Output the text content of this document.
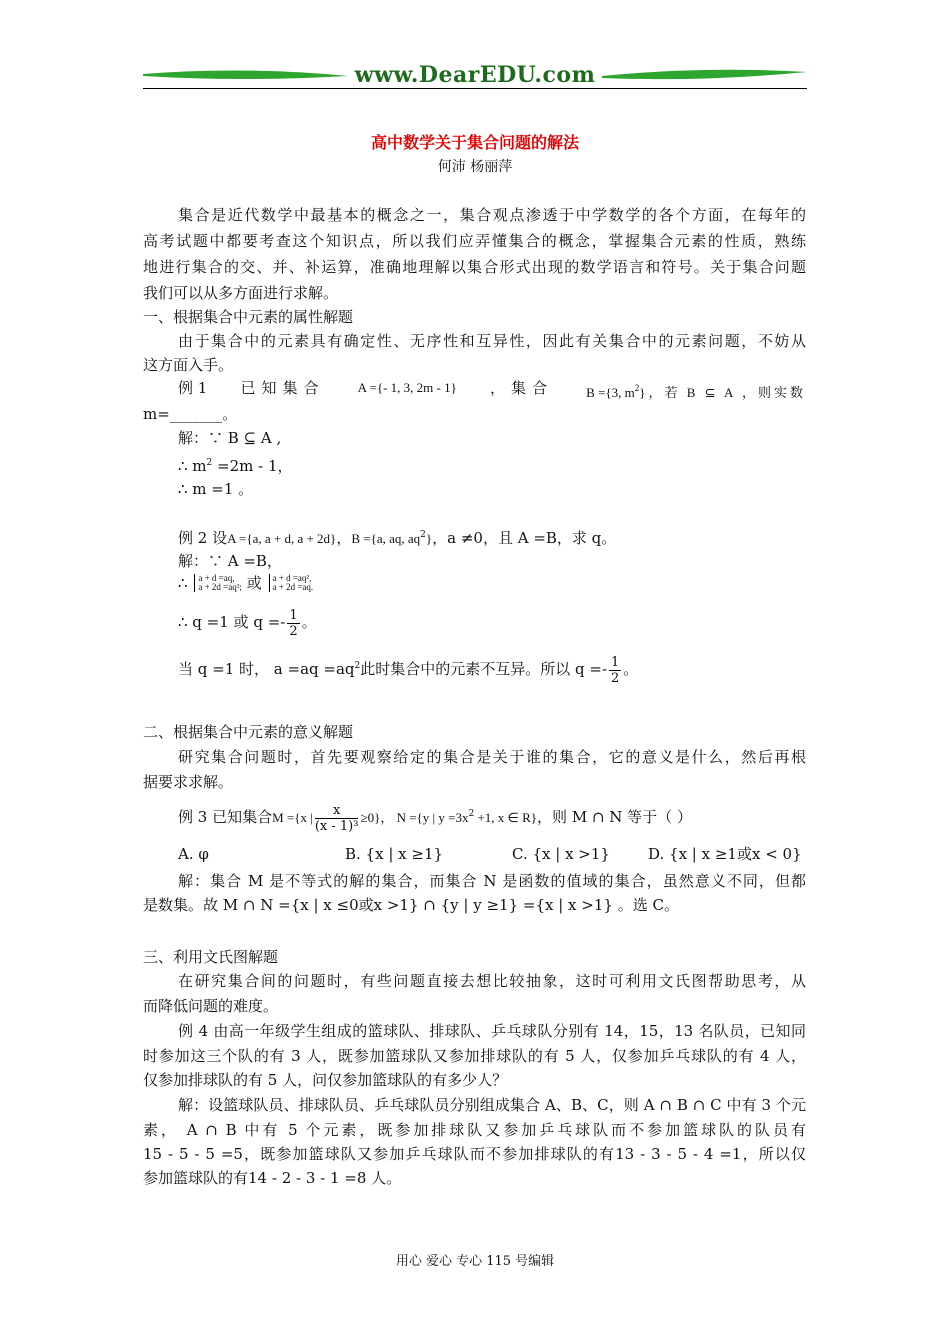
www.DearEDU.com
高中数学关于集合问题的解法
何沛 杨丽萍
集合是近代数学中最基本的概念之一，集合观点渗透于中学数学的各个方面，在每年的
高考试题中都要考查这个知识点，所以我们应弄懂集合的概念，掌握集合元素的性质，熟练
地进行集合的交、并、补运算，准确地理解以集合形式出现的数学语言和符号。关于集合问题
我们可以从多方面进行求解。
一、根据集合中元素的属性解题
由于集合中的元素具有确定性、无序性和互异性，因此有关集合中的元素问题，不妨从
这方面入手。
例 1 已知集合	A ={- 1, 3, 2m - 1} ，集合	B ={3, $m^2$}，若 B ⊆ A ，则实数
m=_______。
解：∵ B ⊆ A ,
∴ $m^2 =2m - 1$，
∴ m =1 。
例 2 设A ={a, a + d, a + 2d}，B ={a, aq, $aq^2$}，a ≠0，且 A =B，求 q。
解：∵ A =B，
∴ a + d =aq,
a + 2d =aq²; 或 a + d =aq²,
a + 2d =aq.
∴ q =1 或 $q =- \frac{1}{2}$ 。
当 q =1 时， $a =aq =aq^2$此时集合中的元素不互异。所以 $q =- \frac{1}{2}$ 。
二、根据集合中元素的意义解题
研究集合问题时，首先要观察给定的集合是关于谁的集合，它的意义是什么，然后再根
据要求求解。
例 3 已知集合M ={x | $\frac{x}{\text{(x - 1)³}} \ge 0$}， N ={y | $y =3x^2 +1$, x ∈ R}，则 M ∩ N 等于（ ）
A. φ	B. {x | x ≥1}	C. {x | x >1}	D. {x | x ≥1或x < 0}
解：集合 M 是不等式的解的集合，而集合 N 是函数的值域的集合，虽然意义不同，但都
是数集。故 M ∩ N ={x | x ≤0或x >1} ∩ {y | y ≥1} ={x | x >1} 。选 C。
三、利用文氏图解题
在研究集合间的问题时，有些问题直接去想比较抽象，这时可利用文氏图帮助思考，从
而降低问题的难度。
例 4 由高一年级学生组成的篮球队、排球队、乒乓球队分别有 14，15，13 名队员，已知同
时参加这三个队的有 3 人，既参加篮球队又参加排球队的有 5 人，仅参加乒乓球队的有 4 人，
仅参加排球队的有 5 人，问仅参加篮球队的有多少人？
解：设篮球队员、排球队员、乒乓球队员分别组成集合 A、B、C，则 A ∩ B ∩ C 中有 3 个元
素， A ∩ B 中有 5 个元素，既参加排球队又参加乒乓球队而不参加篮球队的队员有
15 - 5 - 5 =5，既参加篮球队又参加乒乓球队而不参加排球队的有13 - 3 - 5 - 4 =1，所以仅
参加篮球队的有14 - 2 - 3 - 1 =8 人。
用心 爱心 专心 115 号编辑
